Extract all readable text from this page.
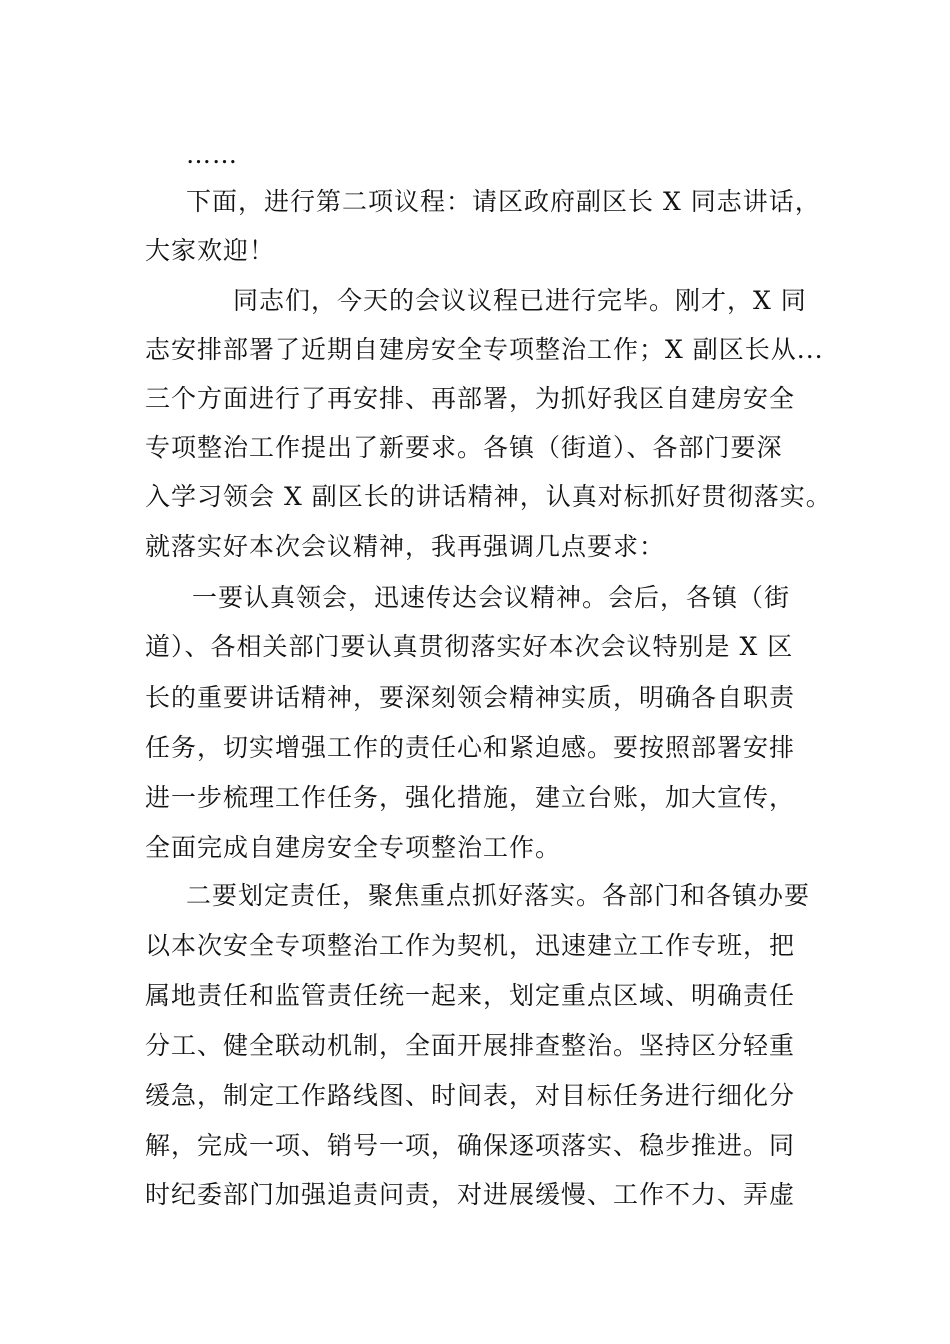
……
下面，进行第二项议程：请区政府副区长 X 同志讲话，
大家欢迎！
同志们，今天的会议议程已进行完毕。刚才，X 同
志安排部署了近期自建房安全专项整治工作；X 副区长从...
三个方面进行了再安排、再部署，为抓好我区自建房安全
专项整治工作提出了新要求。各镇（街道）、各部门要深
入学习领会 X 副区长的讲话精神，认真对标抓好贯彻落实。
就落实好本次会议精神，我再强调几点要求：
一要认真领会，迅速传达会议精神。会后，各镇（街
道）、各相关部门要认真贯彻落实好本次会议特别是 X 区
长的重要讲话精神，要深刻领会精神实质，明确各自职责
任务，切实增强工作的责任心和紧迫感。要按照部署安排
进一步梳理工作任务，强化措施，建立台账，加大宣传，
全面完成自建房安全专项整治工作。
二要划定责任，聚焦重点抓好落实。各部门和各镇办要
以本次安全专项整治工作为契机，迅速建立工作专班，把
属地责任和监管责任统一起来，划定重点区域、明确责任
分工、健全联动机制，全面开展排查整治。坚持区分轻重
缓急，制定工作路线图、时间表，对目标任务进行细化分
解，完成一项、销号一项，确保逐项落实、稳步推进。同
时纪委部门加强追责问责，对进展缓慢、工作不力、弄虚
